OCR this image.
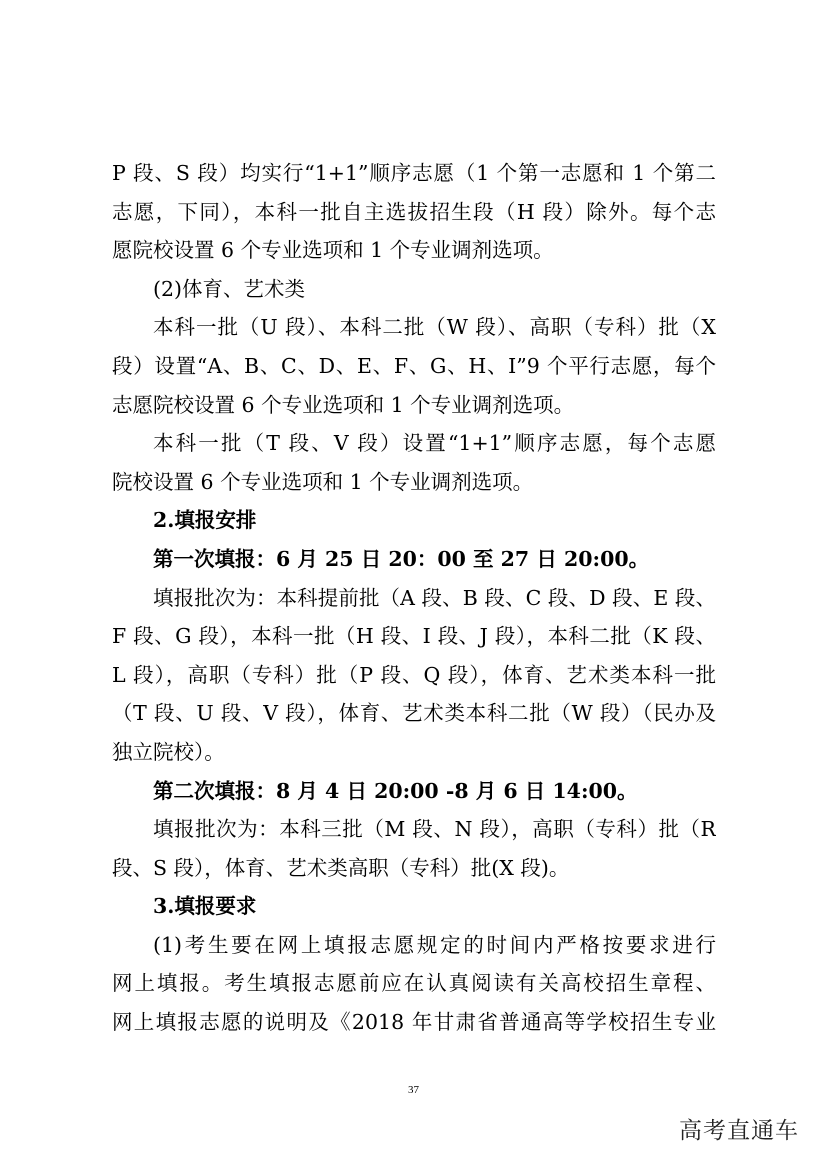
P 段、S 段）均实行“1+1”顺序志愿（1 个第一志愿和 1 个第二
志愿，下同），本科一批自主选拔招生段（H 段）除外。每个志
愿院校设置 6 个专业选项和 1 个专业调剂选项。
(2)体育、艺术类
本科一批（U 段）、本科二批（W 段）、高职（专科）批（X
段）设置“A、B、C、D、E、F、G、H、I”9 个平行志愿，每个
志愿院校设置 6 个专业选项和 1 个专业调剂选项。
本科一批（T 段、V 段）设置“1+1”顺序志愿，每个志愿
院校设置 6 个专业选项和 1 个专业调剂选项。
2.填报安排
第一次填报：6 月 25 日 20：00 至 27 日 20:00。
填报批次为：本科提前批（A 段、B 段、C 段、D 段、E 段、
F 段、G 段），本科一批（H 段、I 段、J 段），本科二批（K 段、
L 段），高职（专科）批（P 段、Q 段），体育、艺术类本科一批
（T 段、U 段、V 段），体育、艺术类本科二批（W 段）（民办及
独立院校）。
第二次填报：8 月 4 日 20:00 -8 月 6 日 14:00。
填报批次为：本科三批（M 段、N 段），高职（专科）批（R
段、S 段），体育、艺术类高职（专科）批(X 段)。
3.填报要求
(1)考生要在网上填报志愿规定的时间内严格按要求进行
网上填报。考生填报志愿前应在认真阅读有关高校招生章程、
网上填报志愿的说明及《2018 年甘肃省普通高等学校招生专业
37
高考直通车
